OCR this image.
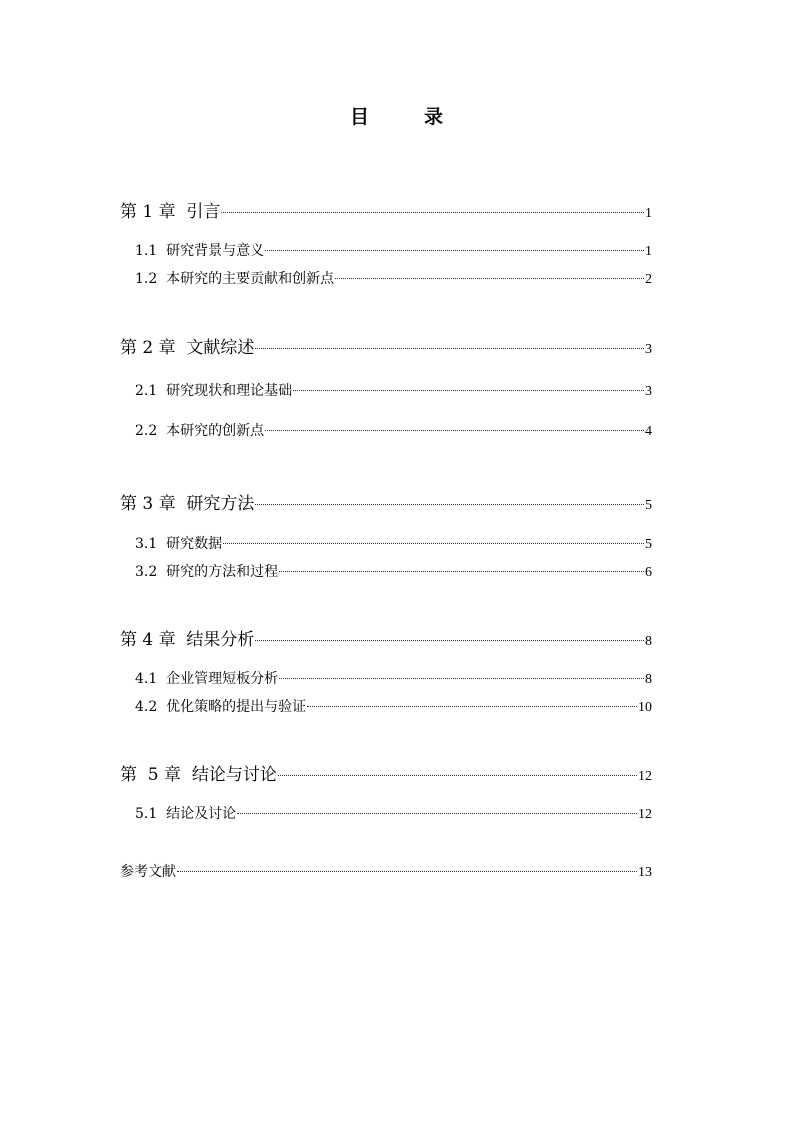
目　录
第 1 章  引言	1
1.1  研究背景与意义	1
1.2  本研究的主要贡献和创新点	2
第 2 章  文献综述	3
2.1  研究现状和理论基础	3
2.2  本研究的创新点	4
第 3 章  研究方法	5
3.1  研究数据	5
3.2  研究的方法和过程	6
第 4 章  结果分析	8
4.1  企业管理短板分析	8
4.2  优化策略的提出与验证	10
第  5 章  结论与讨论	12
5.1  结论及讨论	12
参考文献	13
